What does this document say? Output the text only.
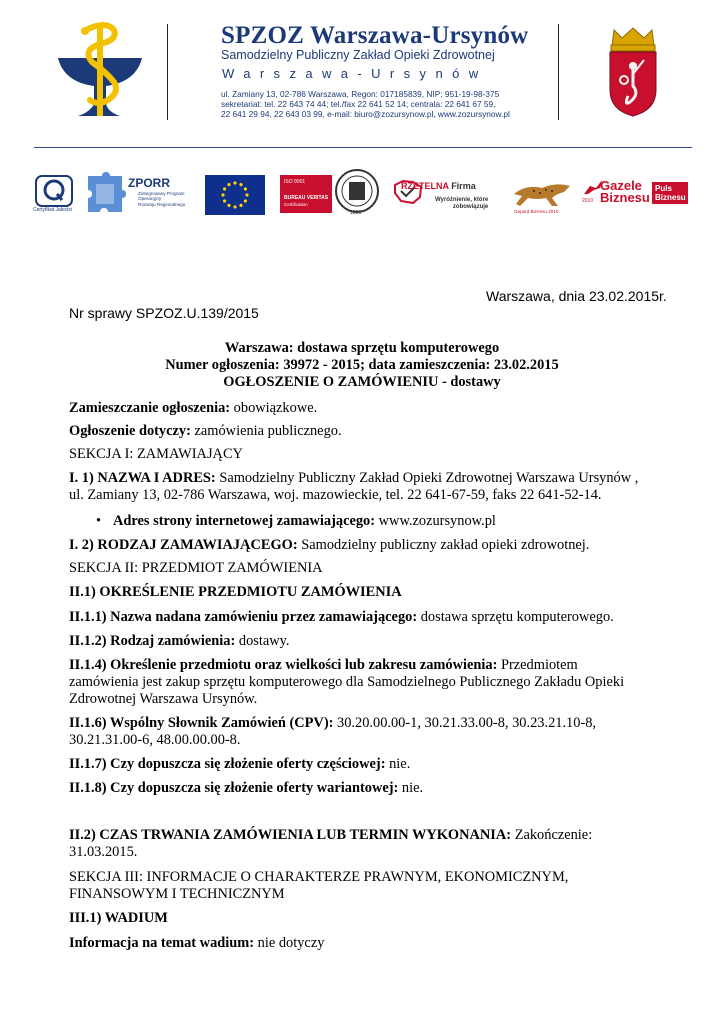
SPZOZ Warszawa-Ursynów
Samodzielny Publiczny Zakład Opieki Zdrowotnej
Warszawa-Ursynów
ul. Zamiany 13, 02-786 Warszawa, Regon: 017185839, NIP: 951-19-98-375
sekretariat: tel. 22 643 74 44; tel./fax 22 641 52 14; centrala: 22 641 67 59,
22 641 29 94, 22 643 03 99, e-mail: biuro@zozursynow.pl, www.zozursynow.pl
Certyfikat Jakości
ZPORR
Zintegrowany Program
Operacyjny
Rozwoju Regionalnego
ISO 9001
BUREAU VERITAS
Certification
1828
RZETELNA Firma
Wyróżnienie, które
zobowiązuje
Gepard Biznesu 2010
2010
Gazele
Biznesu
Puls
Biznesu
Warszawa, dnia 23.02.2015r.
Nr sprawy SPZOZ.U.139/2015
Warszawa: dostawa sprzętu komputerowego
Numer ogłoszenia: 39972 - 2015; data zamieszczenia: 23.02.2015
OGŁOSZENIE O ZAMÓWIENIU - dostawy
Zamieszczanie ogłoszenia: obowiązkowe.
Ogłoszenie dotyczy: zamówienia publicznego.
SEKCJA I: ZAMAWIAJĄCY
I. 1) NAZWA I ADRES: Samodzielny Publiczny Zakład Opieki Zdrowotnej Warszawa Ursynów ,
ul. Zamiany 13, 02-786 Warszawa, woj. mazowieckie, tel. 22 641-67-59, faks 22 641-52-14.
• Adres strony internetowej zamawiającego: www.zozursynow.pl
I. 2) RODZAJ ZAMAWIAJĄCEGO: Samodzielny publiczny zakład opieki zdrowotnej.
SEKCJA II: PRZEDMIOT ZAMÓWIENIA
II.1) OKREŚLENIE PRZEDMIOTU ZAMÓWIENIA
II.1.1) Nazwa nadana zamówieniu przez zamawiającego: dostawa sprzętu komputerowego.
II.1.2) Rodzaj zamówienia: dostawy.
II.1.4) Określenie przedmiotu oraz wielkości lub zakresu zamówienia: Przedmiotem
zamówienia jest zakup sprzętu komputerowego dla Samodzielnego Publicznego Zakładu Opieki
Zdrowotnej Warszawa Ursynów.
II.1.6) Wspólny Słownik Zamówień (CPV): 30.20.00.00-1, 30.21.33.00-8, 30.23.21.10-8,
30.21.31.00-6, 48.00.00.00-8.
II.1.7) Czy dopuszcza się złożenie oferty częściowej: nie.
II.1.8) Czy dopuszcza się złożenie oferty wariantowej: nie.
II.2) CZAS TRWANIA ZAMÓWIENIA LUB TERMIN WYKONANIA: Zakończenie:
31.03.2015.
SEKCJA III: INFORMACJE O CHARAKTERZE PRAWNYM, EKONOMICZNYM,
FINANSOWYM I TECHNICZNYM
III.1) WADIUM
Informacja na temat wadium: nie dotyczy
